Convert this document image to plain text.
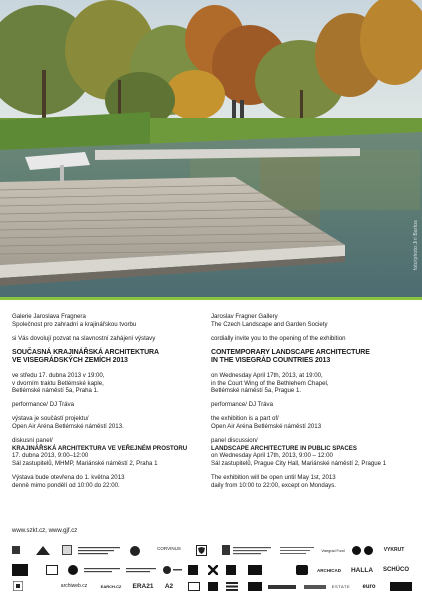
foto/photo:Jiri Bartos

Galerie Jaroslava Fragnera

Společnost pro zahradní a krajinářskou tvorbu

si Vás dovolují pozvat na slavnostní zahájení výstavy

SOUČASNÁ KRAJINÁŘSKÁ ARCHITEKTURA

VE VISEGRÁDSKÝCH ZEMÍCH 2013

ve středu 17. dubna 2013 v 19:00,

v dvorním traktu Betlémské kaple,

Betlémské náměstí 5a, Praha 1.

performance/ DJ Tráva

výstava je součástí projektu/

Open Air Aréna Betlémské náměstí 2013.

diskusní panel/

KRAJINÁŘSKÁ ARCHITEKTURA VE VEŘEJNÉM PROSTORU

17. dubna 2013, 9:00–12:00

Sál zastupitelů, MHMP, Mariánské náměstí 2, Praha 1

Výstava bude otevřena do 1. května 2013

denně mimo pondělí od 10:00 do 22:00.

Jaroslav Fragner Gallery

The Czech Landscape and Garden Society

cordially invite you to the opening of the exhibition

CONTEMPORARY LANDSCAPE ARCHITECTURE

IN THE VISEGRÁD COUNTRIES 2013

on Wednesday April 17th, 2013, at 19:00,

in the Court Wing of the Bethlehem Chapel,

Betlémské náměstí 5a, Prague 1.

performance/ DJ Tráva

the exhibition is a part of/

Open Air Aréna Betlémské náměstí 2013

panel discussion/

LANDSCAPE ARCHITECTURE IN PUBLIC SPACES

on Wednesday April 17th, 2013, 9:00 – 12:00

Sál zastupitelů, Prague City Hall, Mariánské náměstí 2, Prague 1

The exhibition will be open until May 1st, 2013

daily from 10:00 to 22:00, except on Mondays.

www.szkt.cz, www.gjf.cz
CORVINUS
Visegrad Fund	VYKRUT
ARCHICAD HALLA SCHÜCO
archiweb.cz	EARCH.CZ ERA21 A2	ESTATE euro
